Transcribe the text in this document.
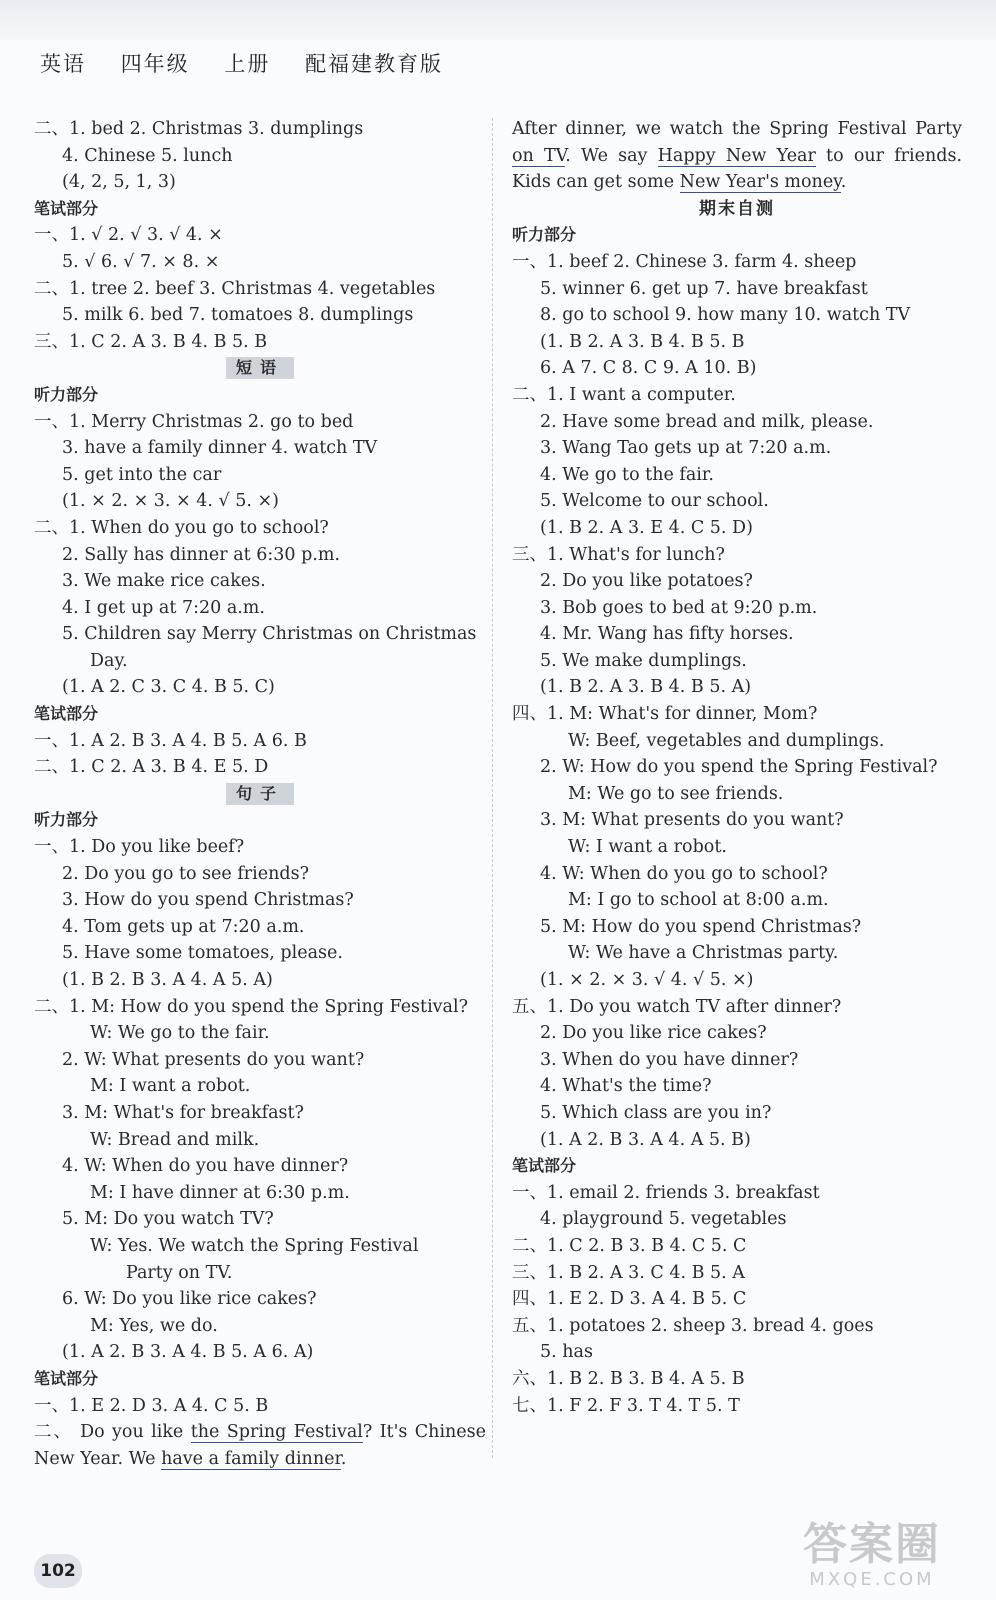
英语 四年级 上册 配福建教育版
二、1. bed 2. Christmas 3. dumplings
4. Chinese 5. lunch
(4, 2, 5, 1, 3)
笔试部分
一、1. √ 2. √ 3. √ 4. ×
5. √ 6. √ 7. × 8. ×
二、1. tree 2. beef 3. Christmas 4. vegetables
5. milk 6. bed 7. tomatoes 8. dumplings
三、1. C 2. A 3. B 4. B 5. B
短语
听力部分
一、1. Merry Christmas 2. go to bed
3. have a family dinner 4. watch TV
5. get into the car
(1. × 2. × 3. × 4. √ 5. ×)
二、1. When do you go to school?
2. Sally has dinner at 6:30 p.m.
3. We make rice cakes.
4. I get up at 7:20 a.m.
5. Children say Merry Christmas on Christmas
Day.
(1. A 2. C 3. C 4. B 5. C)
笔试部分
一、1. A 2. B 3. A 4. B 5. A 6. B
二、1. C 2. A 3. B 4. E 5. D
句子
听力部分
一、1. Do you like beef?
2. Do you go to see friends?
3. How do you spend Christmas?
4. Tom gets up at 7:20 a.m.
5. Have some tomatoes, please.
(1. B 2. B 3. A 4. A 5. A)
二、1. M: How do you spend the Spring Festival?
W: We go to the fair.
2. W: What presents do you want?
M: I want a robot.
3. M: What's for breakfast?
W: Bread and milk.
4. W: When do you have dinner?
M: I have dinner at 6:30 p.m.
5. M: Do you watch TV?
W: Yes. We watch the Spring Festival
Party on TV.
6. W: Do you like rice cakes?
M: Yes, we do.
(1. A 2. B 3. A 4. B 5. A 6. A)
笔试部分
一、1. E 2. D 3. A 4. C 5. B
二、 Do you like the Spring Festival? It's Chinese New Year. We have a family dinner.
After dinner, we watch the Spring Festival Party on TV. We say Happy New Year to our friends. Kids can get some New Year's money.
期末自测
听力部分
一、1. beef 2. Chinese 3. farm 4. sheep
5. winner 6. get up 7. have breakfast
8. go to school 9. how many 10. watch TV
(1. B 2. A 3. B 4. B 5. B
6. A 7. C 8. C 9. A 10. B)
二、1. I want a computer.
2. Have some bread and milk, please.
3. Wang Tao gets up at 7:20 a.m.
4. We go to the fair.
5. Welcome to our school.
(1. B 2. A 3. E 4. C 5. D)
三、1. What's for lunch?
2. Do you like potatoes?
3. Bob goes to bed at 9:20 p.m.
4. Mr. Wang has fifty horses.
5. We make dumplings.
(1. B 2. A 3. B 4. B 5. A)
四、1. M: What's for dinner, Mom?
W: Beef, vegetables and dumplings.
2. W: How do you spend the Spring Festival?
M: We go to see friends.
3. M: What presents do you want?
W: I want a robot.
4. W: When do you go to school?
M: I go to school at 8:00 a.m.
5. M: How do you spend Christmas?
W: We have a Christmas party.
(1. × 2. × 3. √ 4. √ 5. ×)
五、1. Do you watch TV after dinner?
2. Do you like rice cakes?
3. When do you have dinner?
4. What's the time?
5. Which class are you in?
(1. A 2. B 3. A 4. A 5. B)
笔试部分
一、1. email 2. friends 3. breakfast
4. playground 5. vegetables
二、1. C 2. B 3. B 4. C 5. C
三、1. B 2. A 3. C 4. B 5. A
四、1. E 2. D 3. A 4. B 5. C
五、1. potatoes 2. sheep 3. bread 4. goes
5. has
六、1. B 2. B 3. B 4. A 5. B
七、1. F 2. F 3. T 4. T 5. T
102
答案圈
MXQE.COM
